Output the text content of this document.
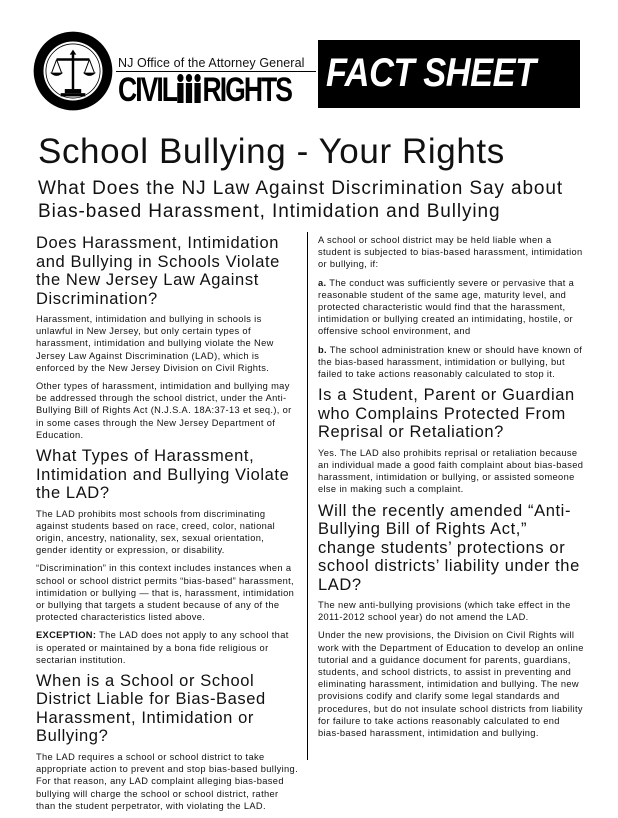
NJ Office of the Attorney General
CIVIL RIGHTS FACT SHEET
School Bullying - Your Rights
What Does the NJ Law Against Discrimination Say about Bias-based Harassment, Intimidation and Bullying
Does Harassment, Intimidation and Bullying in Schools Violate the New Jersey Law Against Discrimination?

Harassment, intimidation and bullying in schools is unlawful in New Jersey, but only certain types of harassment, intimidation and bullying violate the New Jersey Law Against Discrimination (LAD), which is enforced by the New Jersey Division on Civil Rights.

Other types of harassment, intimidation and bullying may be addressed through the school district, under the Anti-Bullying Bill of Rights Act (N.J.S.A. 18A:37-13 et seq.), or in some cases through the New Jersey Department of Education.

What Types of Harassment, Intimidation and Bullying Violate the LAD?

The LAD prohibits most schools from discriminating against students based on race, creed, color, national origin, ancestry, nationality, sex, sexual orientation, gender identity or expression, or disability.

“Discrimination” in this context includes instances when a school or school district permits “bias-based” harassment, intimidation or bullying — that is, harassment, intimidation or bullying that targets a student because of any of the protected characteristics listed above.

EXCEPTION: The LAD does not apply to any school that is operated or maintained by a bona fide religious or sectarian institution.

When is a School or School District Liable for Bias-Based Harassment, Intimidation or Bullying?

The LAD requires a school or school district to take appropriate action to prevent and stop bias-based bullying. For that reason, any LAD complaint alleging bias-based bullying will charge the school or school district, rather than the student perpetrator, with violating the LAD.

A school or school district may be held liable when a student is subjected to bias-based harassment, intimidation or bullying, if:

a. The conduct was sufficiently severe or pervasive that a reasonable student of the same age, maturity level, and protected characteristic would find that the harassment, intimidation or bullying created an intimidating, hostile, or offensive school environment, and

b. The school administration knew or should have known of the bias-based harassment, intimidation or bullying, but failed to take actions reasonably calculated to stop it.

Is a Student, Parent or Guardian who Complains Protected From Reprisal or Retaliation?

Yes. The LAD also prohibits reprisal or retaliation because an individual made a good faith complaint about bias-based harassment, intimidation or bullying, or assisted someone else in making such a complaint.

Will the recently amended “Anti-Bullying Bill of Rights Act,” change students’ protections or school districts’ liability under the LAD?

The new anti-bullying provisions (which take effect in the 2011-2012 school year) do not amend the LAD.

Under the new provisions, the Division on Civil Rights will work with the Department of Education to develop an online tutorial and a guidance document for parents, guardians, students, and school districts, to assist in preventing and eliminating harassment, intimidation and bullying. The new provisions codify and clarify some legal standards and procedures, but do not insulate school districts from liability for failure to take actions reasonably calculated to end bias-based harassment, intimidation and bullying.
